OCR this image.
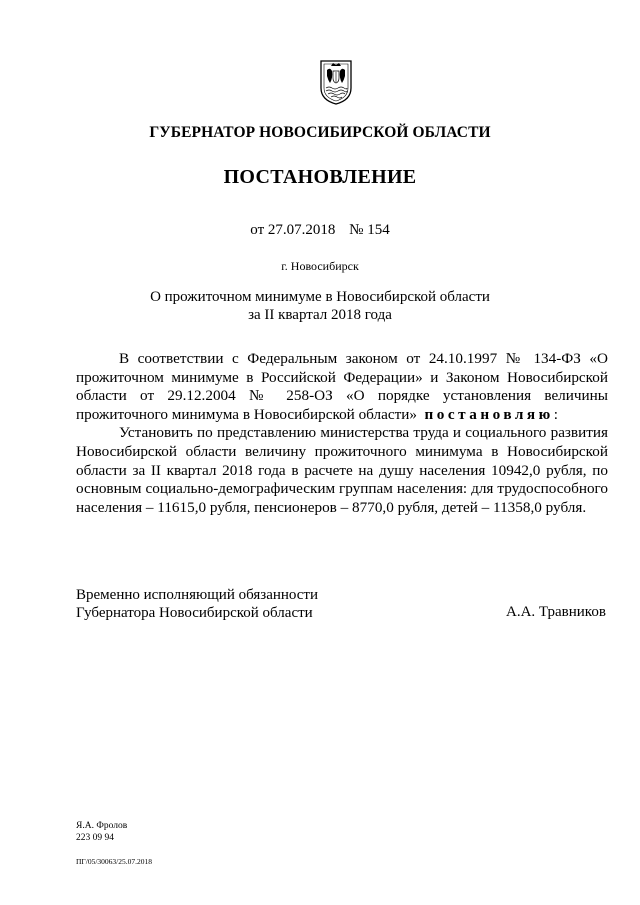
ГУБЕРНАТОР НОВОСИБИРСКОЙ ОБЛАСТИ
ПОСТАНОВЛЕНИЕ
от 27.07.2018 № 154
г. Новосибирск
О прожиточном минимуме в Новосибирской области
за II квартал 2018 года

В соответствии с Федеральным законом от 24.10.1997 № 134-ФЗ «О прожиточном минимуме в Российской Федерации» и Законом Новосибирской области от 29.12.2004 № 258-ОЗ «О порядке установления величины прожиточного минимума в Новосибирской области» постановляю:

Установить по представлению министерства труда и социального развития Новосибирской области величину прожиточного минимума в Новосибирской области за II квартал 2018 года в расчете на душу населения 10942,0 рубля, по основным социально-демографическим группам населения: для трудоспособного населения – 11615,0 рубля, пенсионеров – 8770,0 рубля, детей – 11358,0 рубля.

Временно исполняющий обязанности
Губернатора Новосибирской области	А.А. Травников
Я.А. Фролов
223 09 94
ПГ/05/30063/25.07.2018
